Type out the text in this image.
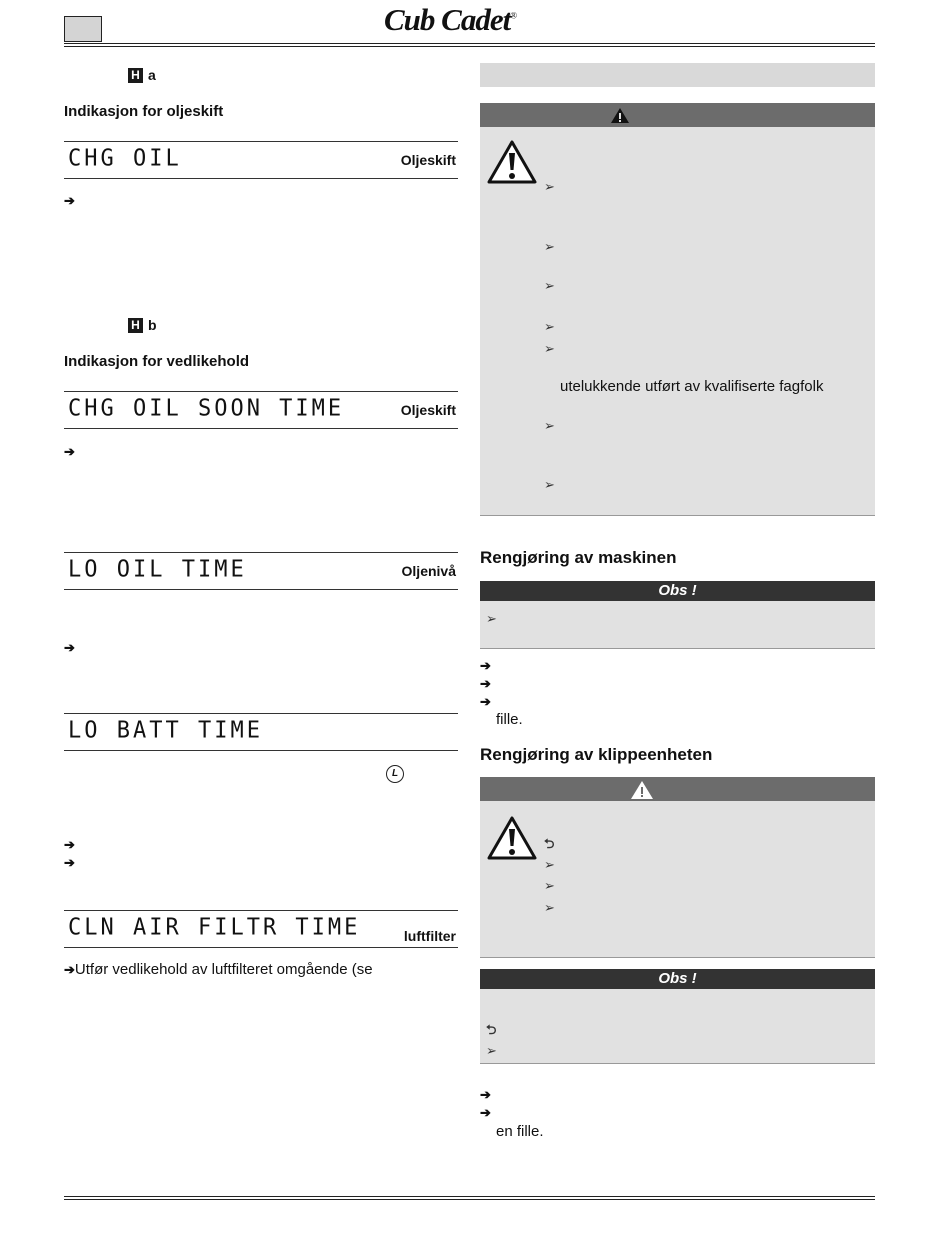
Cub Cadet®
H a
Indikasjon for oljeskift
CHG OIL	Oljeskift
➔
H b
Indikasjon for vedlikehold
CHG OIL SOON TIME	Oljeskift
➔
LO OIL TIME	Oljenivå
➔
LO BATT TIME
L
➔
➔
CLN AIR FILTR TIME	luftfilter
➔Utfør vedlikehold av luftfilteret omgående (se
➢
➢
➢
➢
➢
utelukkende utført av kvalifiserte fagfolk
➢
➢
Rengjøring av maskinen
Obs !
➢
➔
➔
➔
fille.
Rengjøring av klippeenheten
⮌
➢
➢
➢
Obs !
⮌
➢
➔
➔
en fille.
